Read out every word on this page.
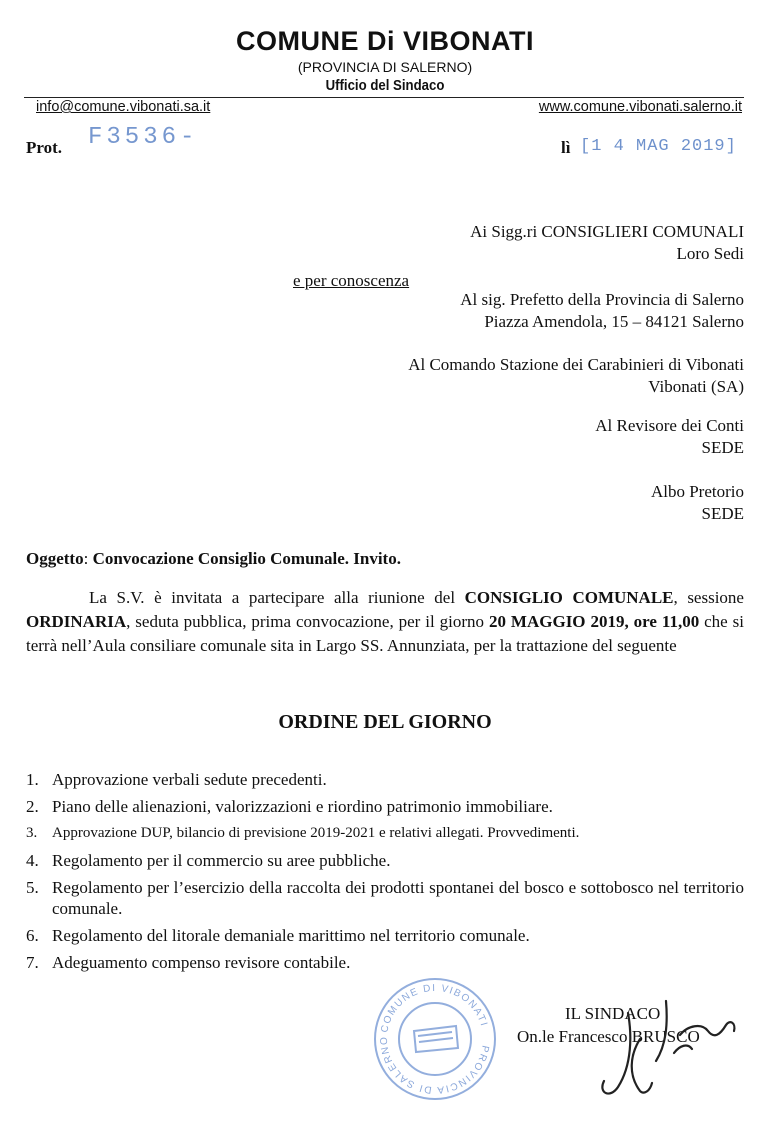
COMUNE Di VIBONATI
(PROVINCIA DI SALERNO)
Ufficio del Sindaco
info@comune.vibonati.sa.it	www.comune.vibonati.salerno.it
Prot. F3536-	lì [1 4 MAG 2019]
Ai Sigg.ri CONSIGLIERI COMUNALI
Loro Sedi
e per conoscenza
Al sig. Prefetto della Provincia di Salerno
Piazza Amendola, 15 – 84121 Salerno
Al Comando Stazione dei Carabinieri di Vibonati
Vibonati (SA)
Al Revisore dei Conti
SEDE
Albo Pretorio
SEDE
Oggetto: Convocazione Consiglio Comunale. Invito.
La S.V. è invitata a partecipare alla riunione del CONSIGLIO COMUNALE, sessione ORDINARIA, seduta pubblica, prima convocazione, per il giorno 20 MAGGIO 2019, ore 11,00 che si terrà nell’Aula consiliare comunale sita in Largo SS. Annunziata, per la trattazione del seguente
ORDINE DEL GIORNO
1. Approvazione verbali sedute precedenti.
2. Piano delle alienazioni, valorizzazioni e riordino patrimonio immobiliare.
3. Approvazione DUP, bilancio di previsione 2019-2021 e relativi allegati. Provvedimenti.
4. Regolamento per il commercio su aree pubbliche.
5. Regolamento per l’esercizio della raccolta dei prodotti spontanei del bosco e sottobosco nel territorio comunale.
6. Regolamento del litorale demaniale marittimo nel territorio comunale.
7. Adeguamento compenso revisore contabile.
COMUNE DI VIBONATI
PROVINCIA DI SALERNO
IL SINDACO
On.le Francesco BRUSCO
